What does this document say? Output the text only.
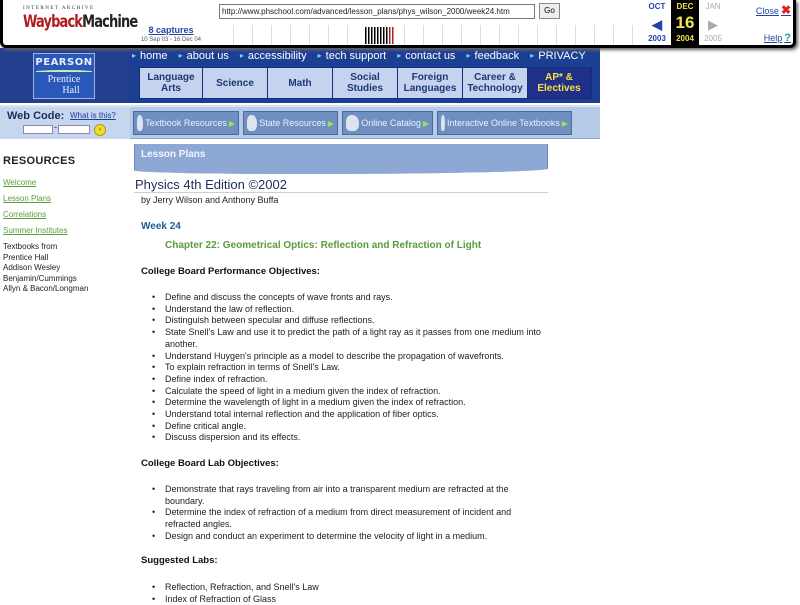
INTERNET ARCHIVE
WaybackMachine	8 captures
10 Sep 03 - 16 Dec 04
http://www.phschool.com/advanced/lesson_plans/phys_wilson_2000/week24.htm	Go	OCT
◀
2003
DEC
16
2004
JAN
▶
2005
Close ✖
Help ?
PEARSON
Prentice
Hall
▸ home ▸ about us ▸ accessibility ▸ tech support ▸ contact us ▸ feedback ▸ PRIVACY
Language Arts	Science	Math	Social Studies
Foreign Languages
Career & Technology
AP* & Electives
Web Code: What is this?
-	›
Textbook Resources ▶	State Resources ▶	Online Catalog ▶ Interactive Online Textbooks ▶
RESOURCES
Welcome
Lesson Plans
Correlations
Summer Institutes
Textbooks from
Prentice Hall
Addison Wesley
Benjamin/Cummings
Allyn & Bacon/Longman
Lesson Plans
Physics 4th Edition ©2002
by Jerry Wilson and Anthony Buffa
Week 24
Chapter 22: Geometrical Optics: Reflection and Refraction of Light
College Board Performance Objectives:
• Define and discuss the concepts of wave fronts and rays.
• Understand the law of reflection.
• Distinguish between specular and diffuse reflections.
• State Snell's Law and use it to predict the path of a light ray as it passes from one medium into another.
• Understand Huygen's principle as a model to describe the propagation of wavefronts.
• To explain refraction in terms of Snell's Law.
• Define index of refraction.
• Calculate the speed of light in a medium given the index of refraction.
• Determine the wavelength of light in a medium given the index of refraction.
• Understand total internal reflection and the application of fiber optics.
• Define critical angle.
• Discuss dispersion and its effects.
College Board Lab Objectives:
• Demonstrate that rays traveling from air into a transparent medium are refracted at the boundary.
• Determine the index of refraction of a medium from direct measurement of incident and refracted angles.
• Design and conduct an experiment to determine the velocity of light in a medium.
Suggested Labs:
• Reflection, Refraction, and Snell's Law
• Index of Refraction of Glass
